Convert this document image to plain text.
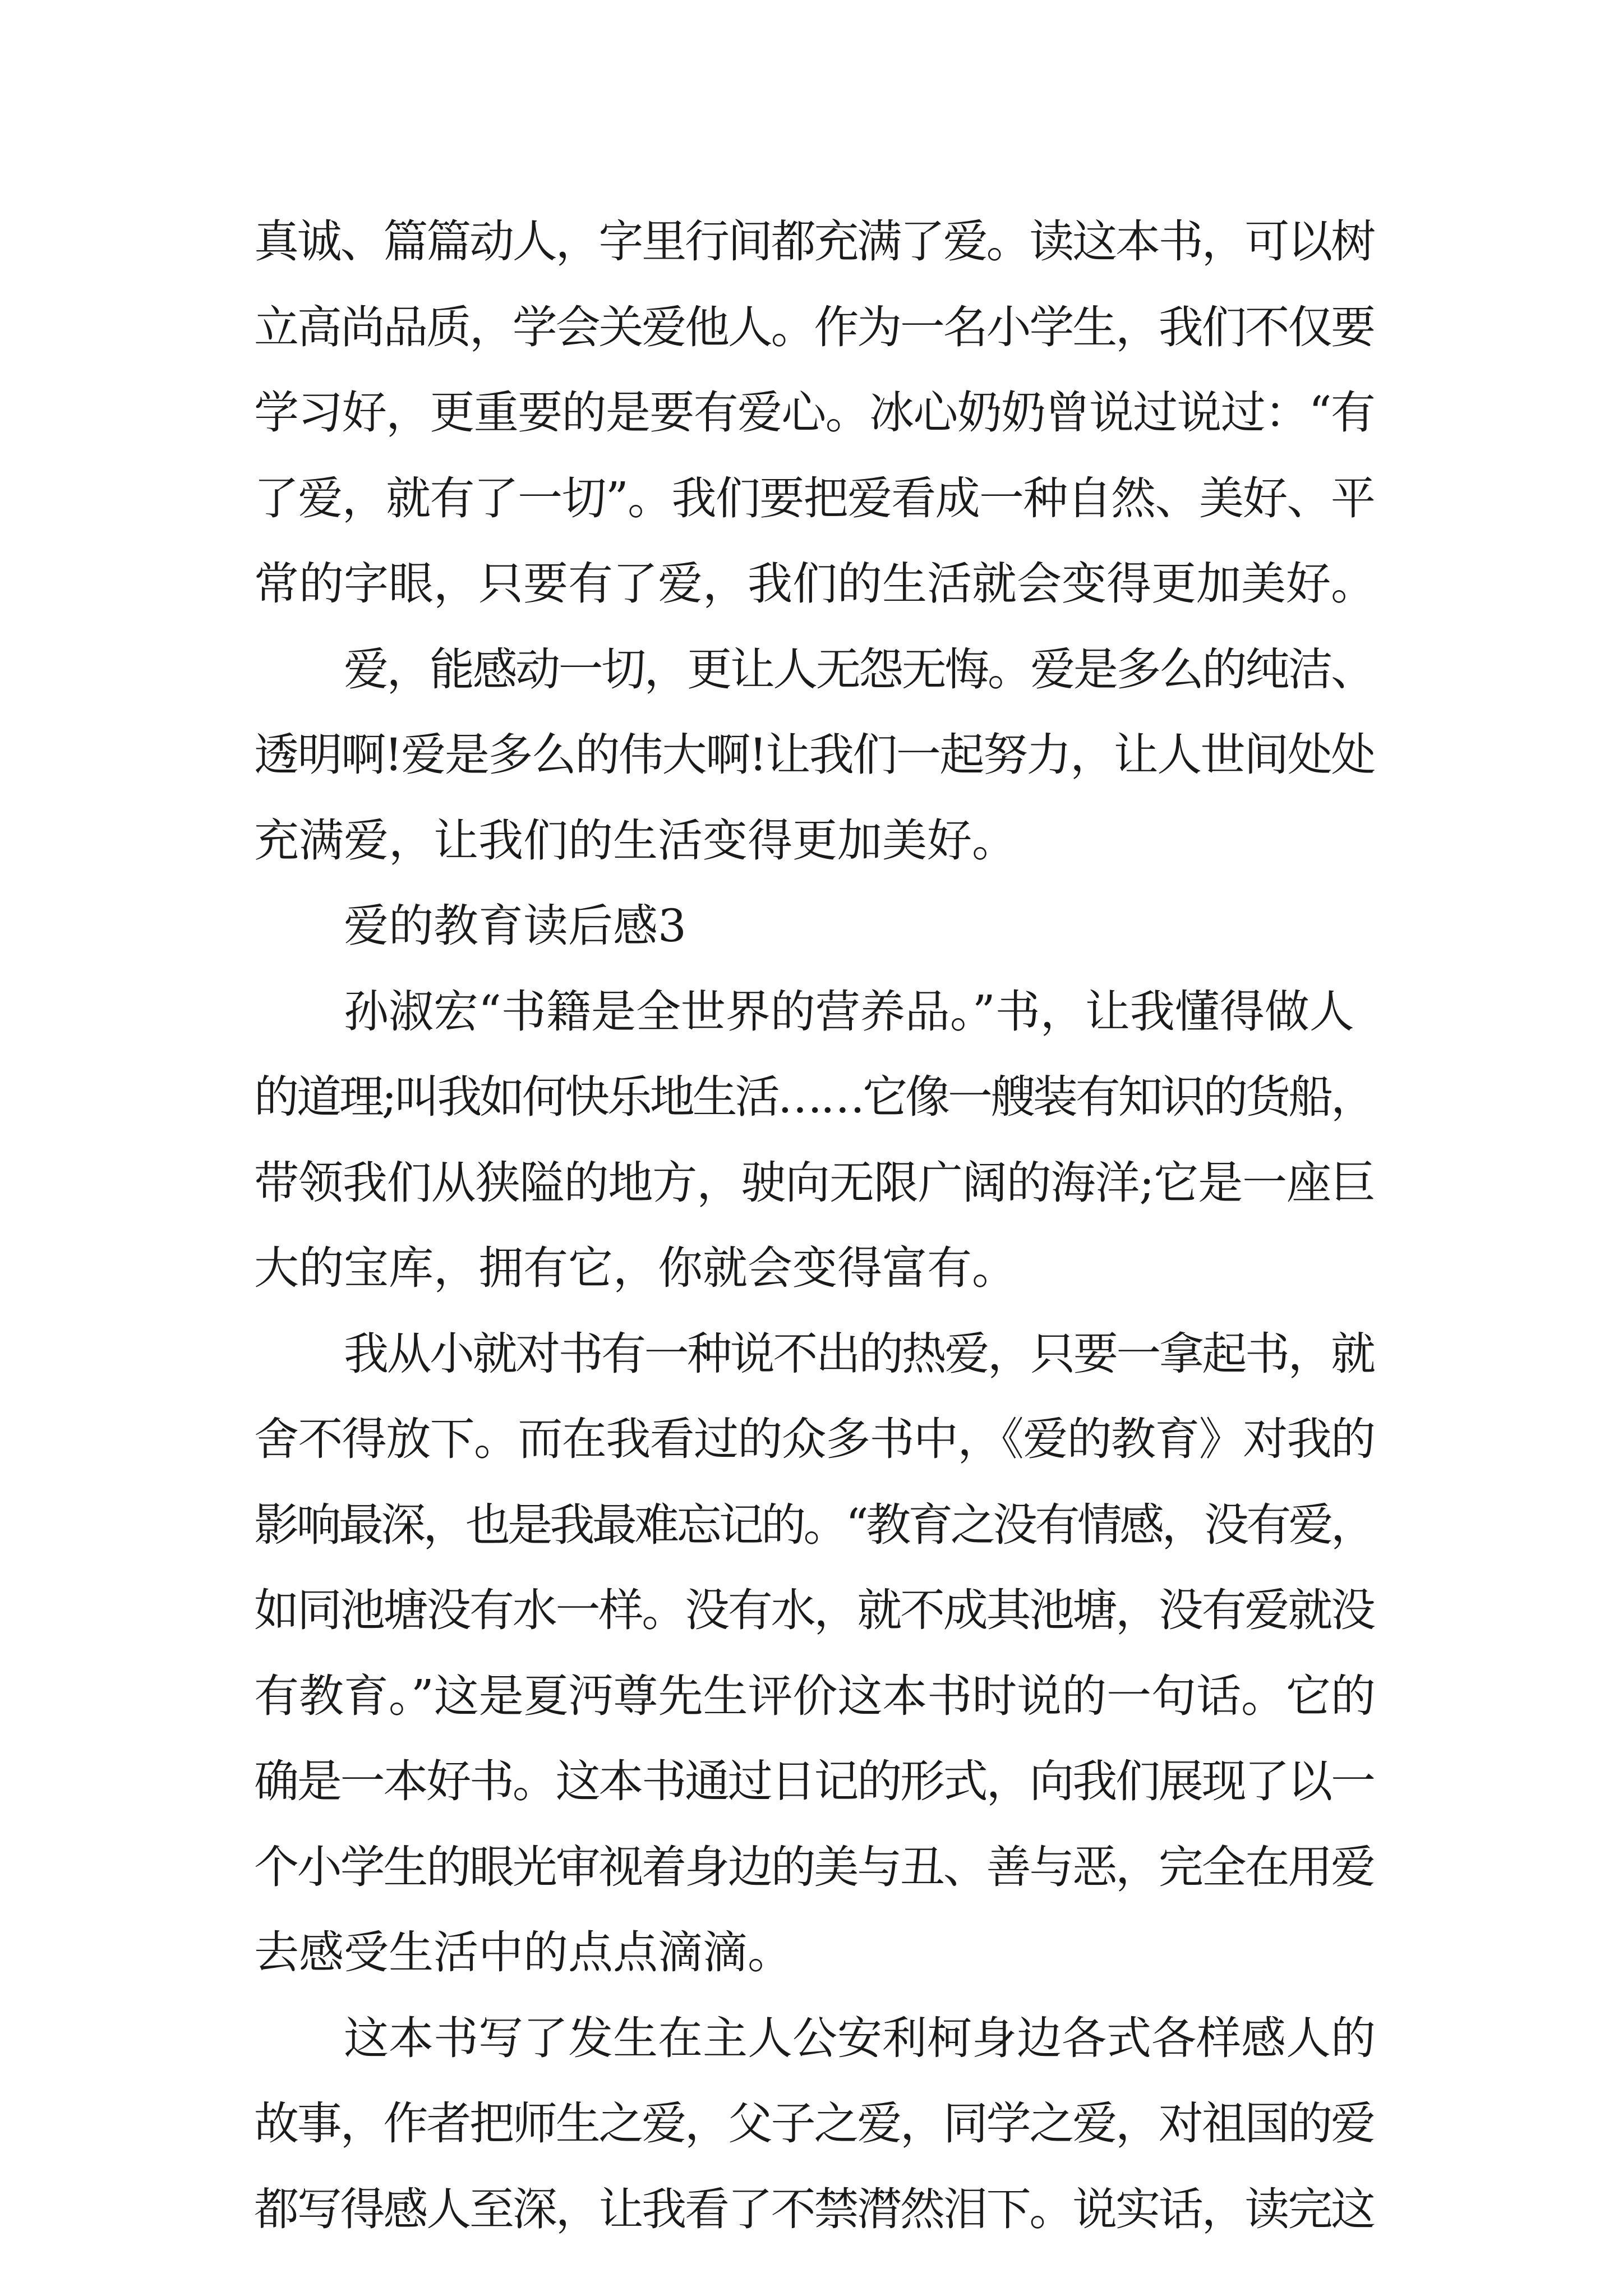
真诚、篇篇动人，字里行间都充满了爱。读这本书，可以树
立高尚品质，学会关爱他人。作为一名小学生，我们不仅要
学习好，更重要的是要有爱心。冰心奶奶曾说过说过：“有
了爱，就有了一切”。我们要把爱看成一种自然、美好、平
常的字眼，只要有了爱，我们的生活就会变得更加美好。
爱，能感动一切，更让人无怨无悔。爱是多么的纯洁、
透明啊!爱是多么的伟大啊!让我们一起努力，让人世间处处
充满爱，让我们的生活变得更加美好。
爱的教育读后感3
孙淑宏“书籍是全世界的营养品。”书，让我懂得做人
的道理;叫我如何快乐地生活……它像一艘装有知识的货船，
带领我们从狭隘的地方，驶向无限广阔的海洋;它是一座巨
大的宝库，拥有它，你就会变得富有。
我从小就对书有一种说不出的热爱，只要一拿起书，就
舍不得放下。而在我看过的众多书中，《爱的教育》对我的
影响最深，也是我最难忘记的。“教育之没有情感，没有爱，
如同池塘没有水一样。没有水，就不成其池塘，没有爱就没
有教育。”这是夏沔尊先生评价这本书时说的一句话。它的
确是一本好书。这本书通过日记的形式，向我们展现了以一
个小学生的眼光审视着身边的美与丑、善与恶，完全在用爱
去感受生活中的点点滴滴。
这本书写了发生在主人公安利柯身边各式各样感人的
故事，作者把师生之爱，父子之爱，同学之爱，对祖国的爱
都写得感人至深，让我看了不禁潸然泪下。说实话，读完这
